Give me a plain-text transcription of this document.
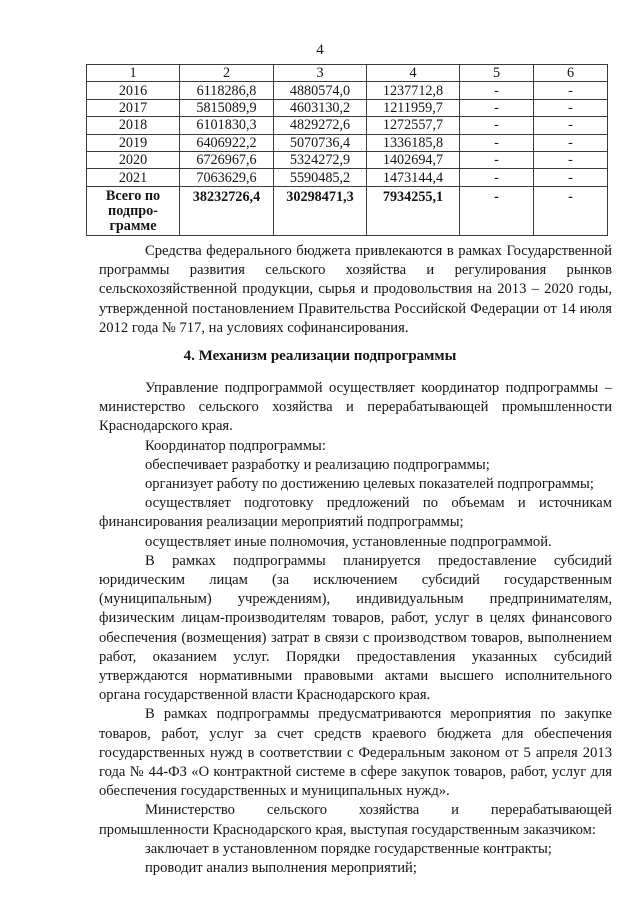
4
1	2	3	4	5	6
2016	6118286,8	4880574,0	1237712,8	-	-
2017	5815089,9	4603130,2	1211959,7	-	-
2018	6101830,3	4829272,6	1272557,7	-	-
2019	6406922,2	5070736,4	1336185,8	-	-
2020	6726967,6	5324272,9	1402694,7	-	-
2021	7063629,6	5590485,2	1473144,4	-	-
Всего по подпро-грамме	38232726,4	30298471,3	7934255,1	-	-

Средства федерального бюджета привлекаются в рамках Государственной программы развития сельского хозяйства и регулирования рынков сельскохозяйственной продукции, сырья и продовольствия на 2013 – 2020 годы, утвержденной постановлением Правительства Российской Федерации от 14 июля 2012 года № 717, на условиях софинансирования.

4. Механизм реализации подпрограммы

Управление подпрограммой осуществляет координатор подпрограммы – министерство сельского хозяйства и перерабатывающей промышленности Краснодарского края.

Координатор подпрограммы:

обеспечивает разработку и реализацию подпрограммы;

организует работу по достижению целевых показателей подпрограммы;

осуществляет подготовку предложений по объемам и источникам финансирования реализации мероприятий подпрограммы;

осуществляет иные полномочия, установленные подпрограммой.

В рамках подпрограммы планируется предоставление субсидий юридическим лицам (за исключением субсидий государственным (муниципальным) учреждениям), индивидуальным предпринимателям, физическим лицам-производителям товаров, работ, услуг в целях финансового обеспечения (возмещения) затрат в связи с производством товаров, выполнением работ, оказанием услуг. Порядки предоставления указанных субсидий утверждаются нормативными правовыми актами высшего исполнительного органа государственной власти Краснодарского края.

В рамках подпрограммы предусматриваются мероприятия по закупке товаров, работ, услуг за счет средств краевого бюджета для обеспечения государственных нужд в соответствии с Федеральным законом от 5 апреля 2013 года № 44-ФЗ «О контрактной системе в сфере закупок товаров, работ, услуг для обеспечения государственных и муниципальных нужд».

Министерство сельского хозяйства и перерабатывающей промышленности Краснодарского края, выступая государственным заказчиком:

заключает в установленном порядке государственные контракты;

проводит анализ выполнения мероприятий;
